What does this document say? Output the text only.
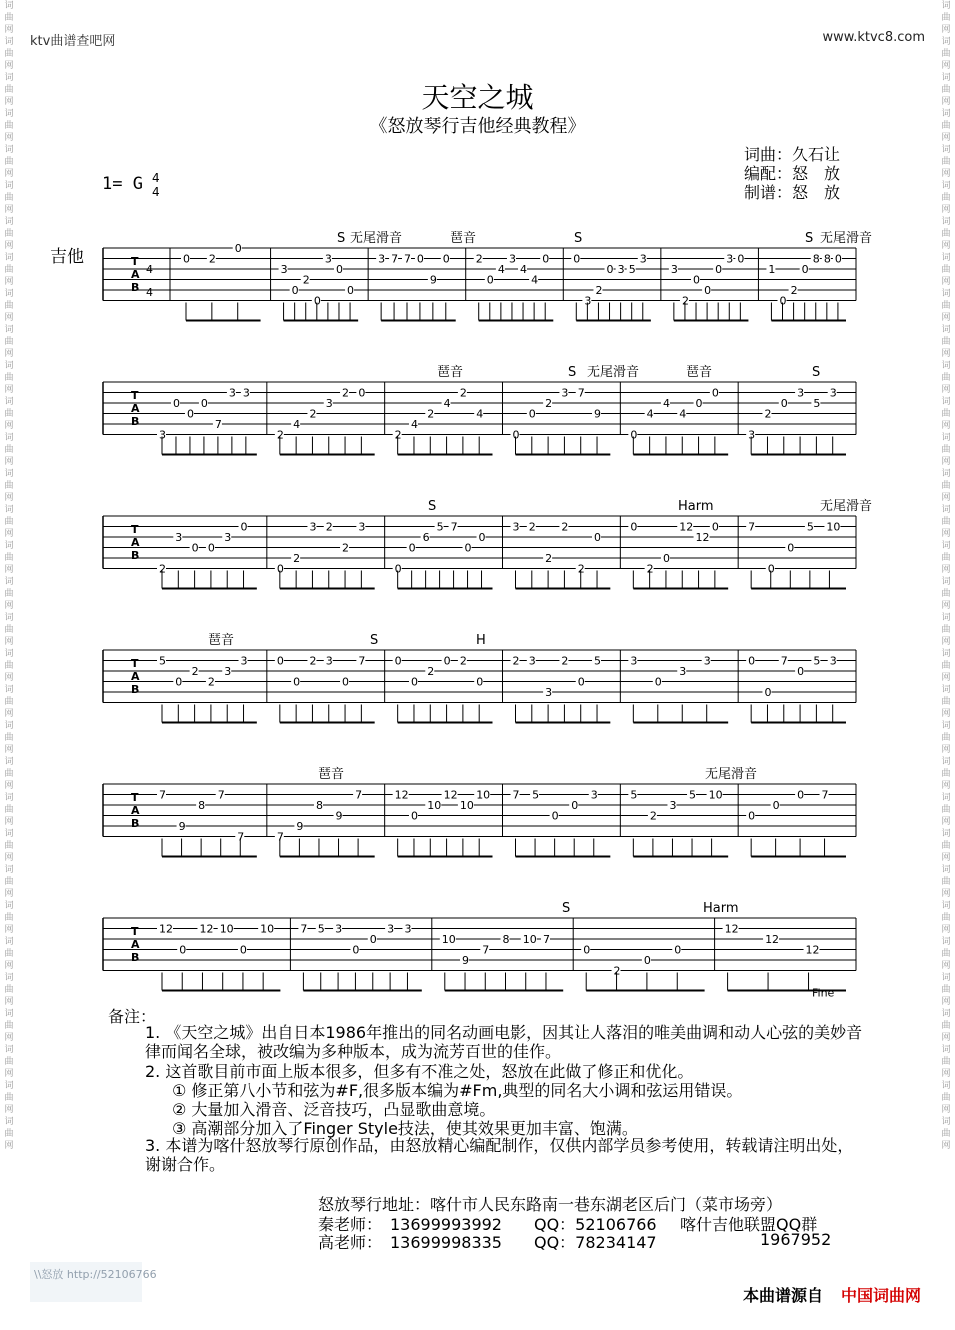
ktv曲谱查吧网	www.ktvc8.com
词曲网词曲网词曲网词曲网词曲网词曲网词曲网词曲网词曲网词曲网词曲网词曲网词曲网词曲网词曲网词曲网词曲网词曲网词曲网词曲网词曲网词曲网词曲网词曲网词曲网词曲网词曲网词曲网词曲网词曲网词曲网词曲网
词曲网词曲网词曲网词曲网词曲网词曲网词曲网词曲网词曲网词曲网词曲网词曲网词曲网词曲网词曲网词曲网词曲网词曲网词曲网词曲网词曲网词曲网词曲网词曲网词曲网词曲网词曲网词曲网词曲网词曲网词曲网词曲网
天空之城
《怒放琴行吉他经典教程》
词曲：久石让
编配：怒　放
制谱：怒　放
1= G 4
4
吉他
4
4
T
A
B
0 2
0
3
0
2
0
3
0
0
3 7 7 0
9
0 2
0
4
3
4
4
0 0
3
2
0 3 5
3
3
2
0
0
0
3 0
1
0
2
0
8 8 0
无尾滑音	琶音
S	S	S 无尾滑音
T
A
B
3
0
0
0
7
3 3
2
4
2
3
2 0
2
4
2
4
2
4
0
0
2
3 7
9
0
4
4
4
0
0
3
2
0
3
5
3
琶音	无尾滑音
S	琶音	S
T
A
B
2
3
0 0
3
0
0
2
3 2
2
3
0
0
6
5 7
0
0
3 2
2
2
2
0
0
2
0
12
12
0	7
0
0
5 10
S	Harm	无尾滑音
T
A
B
5
0
2
2
3
3	0
0
2 3
0
7	0
0
2
0 2
0
2 3
3
2
0
5	3
0
3
3	0
0
7
0
5 3
琶音	S	H
T
A
B
7
9
8
7
7	7
9
8
9
7	12
0
10
12
10
10 7 5
0
0
3	5
2
3
5 10
0
0
0 7
琶音	无尾滑音
T
A
B
12
0
12 10
0
10 7 5 3
0
0
3 3
10
9
7
8 10 7
0
2
0
0
12
12
12
S	Harm
Fine
备注：
1. 《天空之城》出自日本1986年推出的同名动画电影，因其让人落泪的唯美曲调和动人心弦的美妙音律而闻名全球，被改编为多种版本，成为流芳百世的佳作。
2. 这首歌目前市面上版本很多，但多有不准之处，怒放在此做了修正和优化。
① 修正第八小节和弦为#F,很多版本编为#Fm,典型的同名大小调和弦运用错误。
② 大量加入滑音、泛音技巧，凸显歌曲意境。
③ 高潮部分加入了Finger Style技法，使其效果更加丰富、饱满。
3. 本谱为喀什怒放琴行原创作品，由怒放精心编配制作，仅供内部学员参考使用，转载请注明出处，谢谢合作。
怒放琴行地址：喀什市人民东路南一巷东湖老区后门（菜市场旁）
秦老师：　13699993992　　QQ：52106766 喀什吉他联盟QQ群
高老师：　13699998335　　QQ：78234147	1967952
\\怒放 http://52106766
本曲谱源自 中国词曲网
